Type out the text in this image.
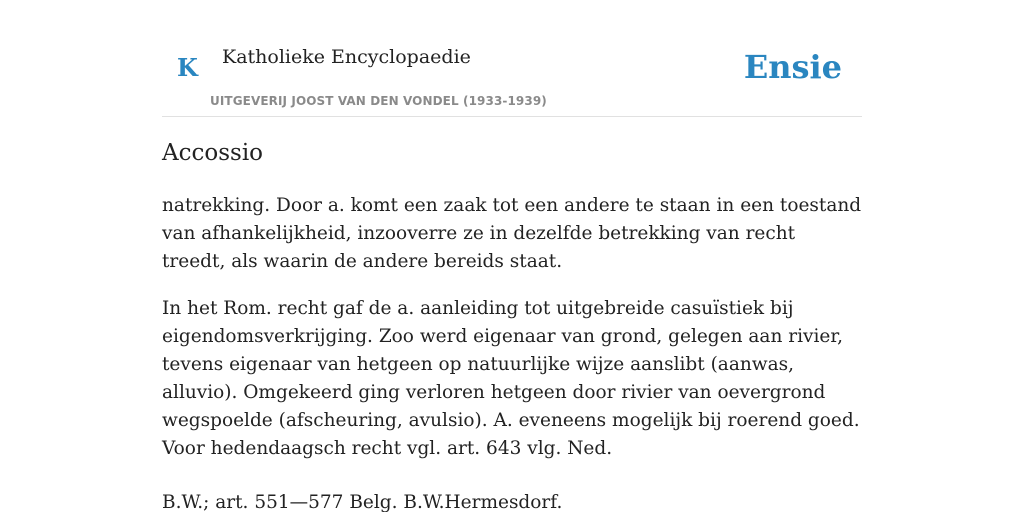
K Katholieke Encyclopaedie
UITGEVERIJ JOOST VAN DEN VONDEL (1933-1939)
Ensie
Accossio

natrekking. Door a. komt een zaak tot een andere te staan in een toestand van afhankelijkheid, inzooverre ze in dezelfde betrekking van recht treedt, als waarin de andere bereids staat.

In het Rom. recht gaf de a. aanleiding tot uitgebreide casuïstiek bij eigendomsverkrijging. Zoo werd eigenaar van grond, gelegen aan rivier, tevens eigenaar van hetgeen op natuurlijke wijze aanslibt (aanwas, alluvio). Omgekeerd ging verloren hetgeen door rivier van oevergrond wegspoelde (afscheuring, avulsio). A. eveneens mogelijk bij roerend goed. Voor hedendaagsch recht vgl. art. 643 vlg. Ned.

B.W.; art. 551—577 Belg. B.W.Hermesdorf.
